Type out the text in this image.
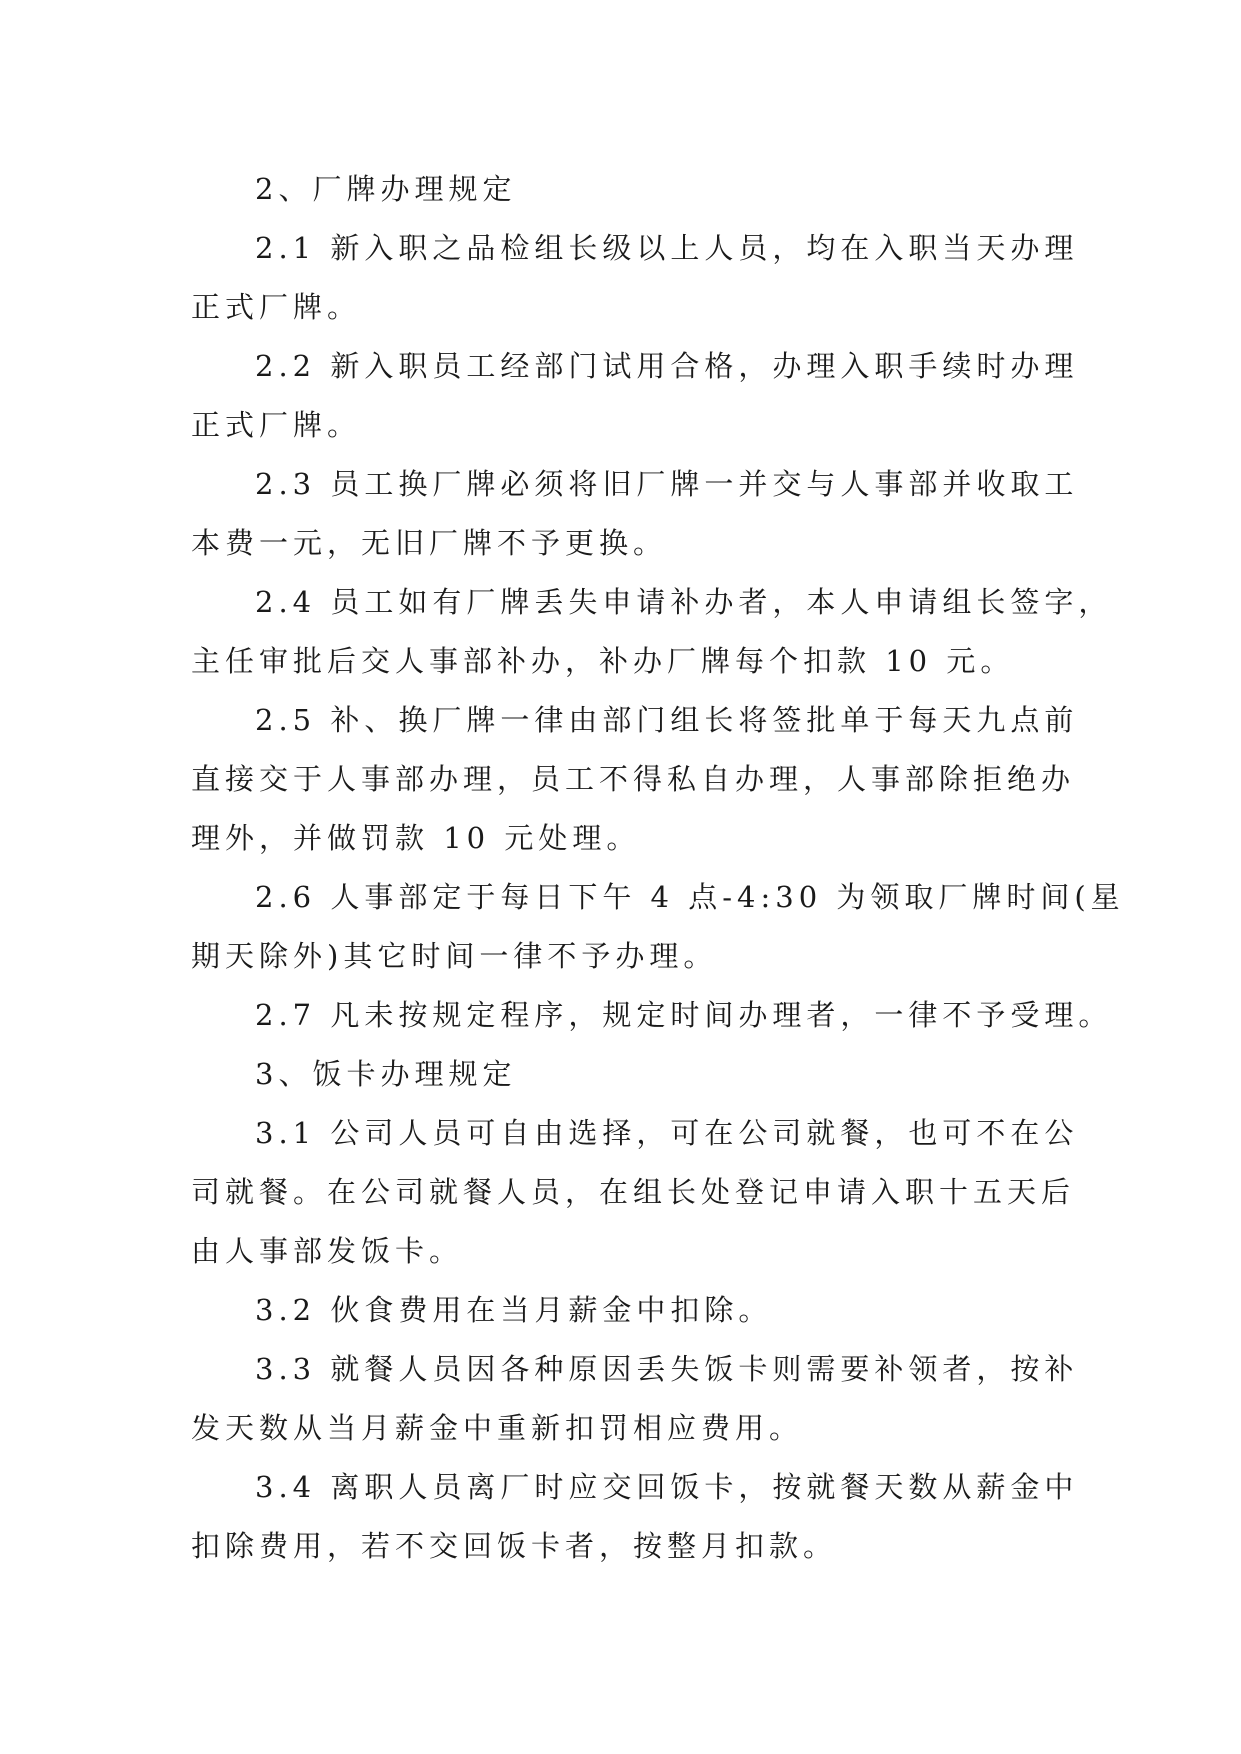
2、厂牌办理规定

2.1 新入职之品检组长级以上人员，均在入职当天办理
正式厂牌。

2.2 新入职员工经部门试用合格，办理入职手续时办理
正式厂牌。

2.3 员工换厂牌必须将旧厂牌一并交与人事部并收取工
本费一元，无旧厂牌不予更换。

2.4 员工如有厂牌丢失申请补办者，本人申请组长签字，
主任审批后交人事部补办，补办厂牌每个扣款 10 元。

2.5 补、换厂牌一律由部门组长将签批单于每天九点前
直接交于人事部办理，员工不得私自办理，人事部除拒绝办
理外，并做罚款 10 元处理。

2.6 人事部定于每日下午 4 点-4:30 为领取厂牌时间(星
期天除外)其它时间一律不予办理。

2.7 凡未按规定程序，规定时间办理者，一律不予受理。

3、饭卡办理规定

3.1 公司人员可自由选择，可在公司就餐，也可不在公
司就餐。在公司就餐人员，在组长处登记申请入职十五天后
由人事部发饭卡。

3.2 伙食费用在当月薪金中扣除。

3.3 就餐人员因各种原因丢失饭卡则需要补领者，按补
发天数从当月薪金中重新扣罚相应费用。

3.4 离职人员离厂时应交回饭卡，按就餐天数从薪金中
扣除费用，若不交回饭卡者，按整月扣款。
